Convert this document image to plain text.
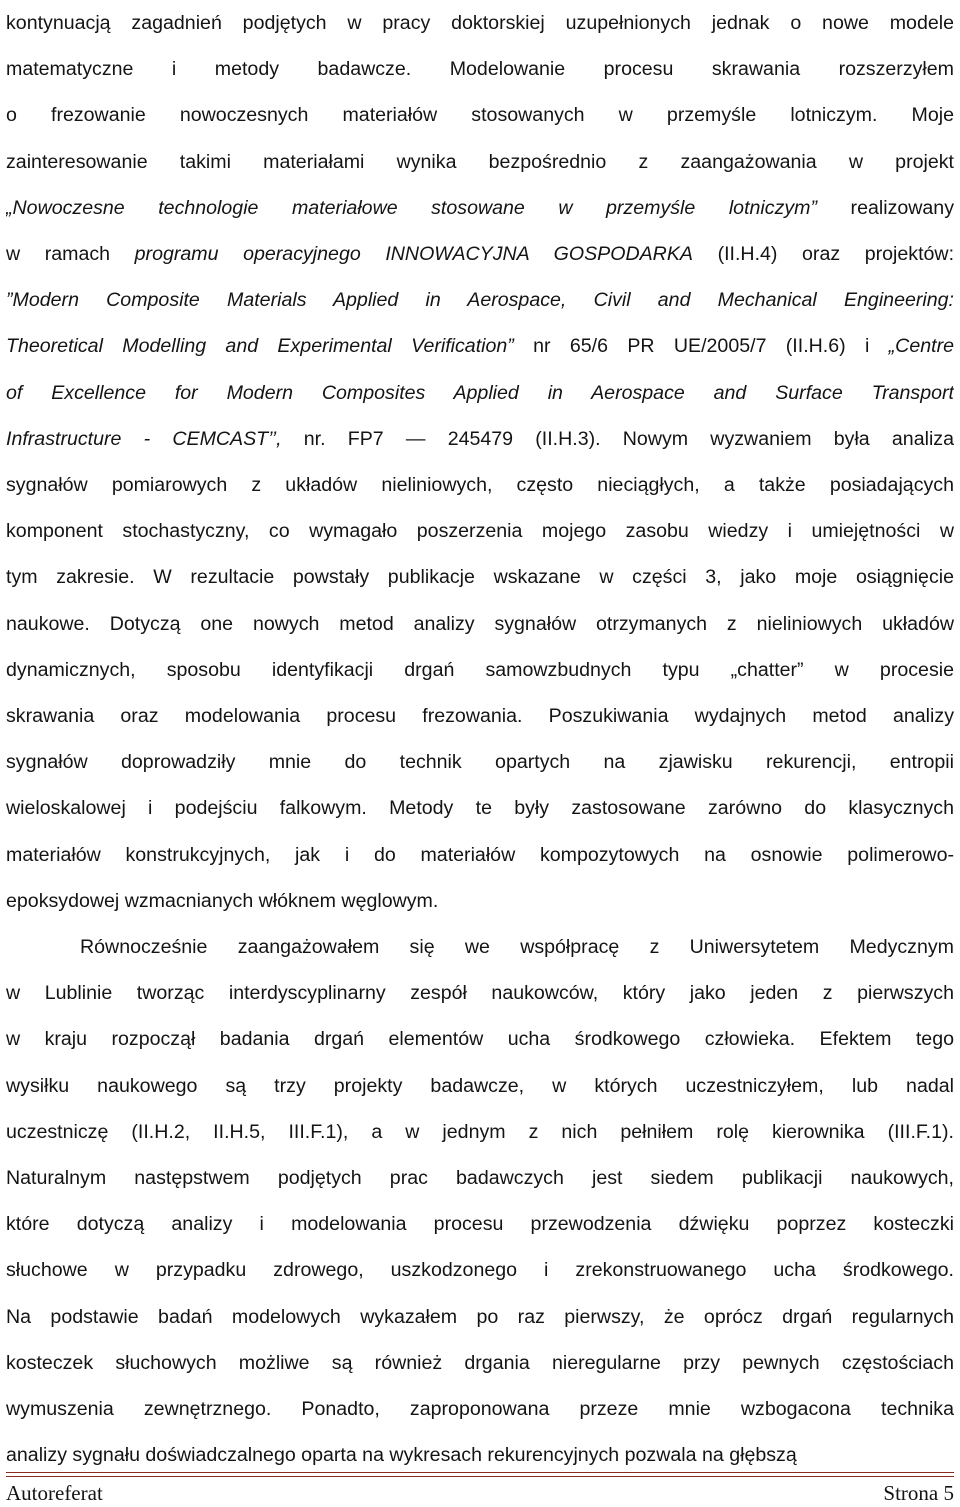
kontynuacją zagadnień podjętych w pracy doktorskiej uzupełnionych jednak o nowe modele
matematyczne i metody badawcze. Modelowanie procesu skrawania rozszerzyłem
o frezowanie nowoczesnych materiałów stosowanych w przemyśle lotniczym. Moje
zainteresowanie takimi materiałami wynika bezpośrednio z zaangażowania w projekt
„Nowoczesne technologie materiałowe stosowane w przemyśle lotniczym” realizowany
w ramach programu operacyjnego INNOWACYJNA GOSPODARKA (II.H.4) oraz projektów:
”Modern Composite Materials Applied in Aerospace, Civil and Mechanical Engineering:
Theoretical Modelling and Experimental Verification” nr 65/6 PR UE/2005/7 (II.H.6) i „Centre
of Excellence for Modern Composites Applied in Aerospace and Surface Transport
Infrastructure - CEMCAST’’, nr. FP7 — 245479 (II.H.3). Nowym wyzwaniem była analiza
sygnałów pomiarowych z układów nieliniowych, często nieciągłych, a także posiadających
komponent stochastyczny, co wymagało poszerzenia mojego zasobu wiedzy i umiejętności w
tym zakresie. W rezultacie powstały publikacje wskazane w części 3, jako moje osiągnięcie
naukowe. Dotyczą one nowych metod analizy sygnałów otrzymanych z nieliniowych układów
dynamicznych, sposobu identyfikacji drgań samowzbudnych typu „chatter” w procesie
skrawania oraz modelowania procesu frezowania. Poszukiwania wydajnych metod analizy
sygnałów doprowadziły mnie do technik opartych na zjawisku rekurencji, entropii
wieloskalowej i podejściu falkowym. Metody te były zastosowane zarówno do klasycznych
materiałów konstrukcyjnych, jak i do materiałów kompozytowych na osnowie polimerowo-
epoksydowej wzmacnianych włóknem węglowym.
Równocześnie zaangażowałem się we współpracę z Uniwersytetem Medycznym
w Lublinie tworząc interdyscyplinarny zespół naukowców, który jako jeden z pierwszych
w kraju rozpoczął badania drgań elementów ucha środkowego człowieka. Efektem tego
wysiłku naukowego są trzy projekty badawcze, w których uczestniczyłem, lub nadal
uczestniczę (II.H.2, II.H.5, III.F.1), a w jednym z nich pełniłem rolę kierownika (III.F.1).
Naturalnym następstwem podjętych prac badawczych jest siedem publikacji naukowych,
które dotyczą analizy i modelowania procesu przewodzenia dźwięku poprzez kosteczki
słuchowe w przypadku zdrowego, uszkodzonego i zrekonstruowanego ucha środkowego.
Na podstawie badań modelowych wykazałem po raz pierwszy, że oprócz drgań regularnych
kosteczek słuchowych możliwe są również drgania nieregularne przy pewnych częstościach
wymuszenia zewnętrznego. Ponadto, zaproponowana przeze mnie wzbogacona technika
analizy sygnału doświadczalnego oparta na wykresach rekurencyjnych pozwala na głębszą
Autoreferat	Strona 5
